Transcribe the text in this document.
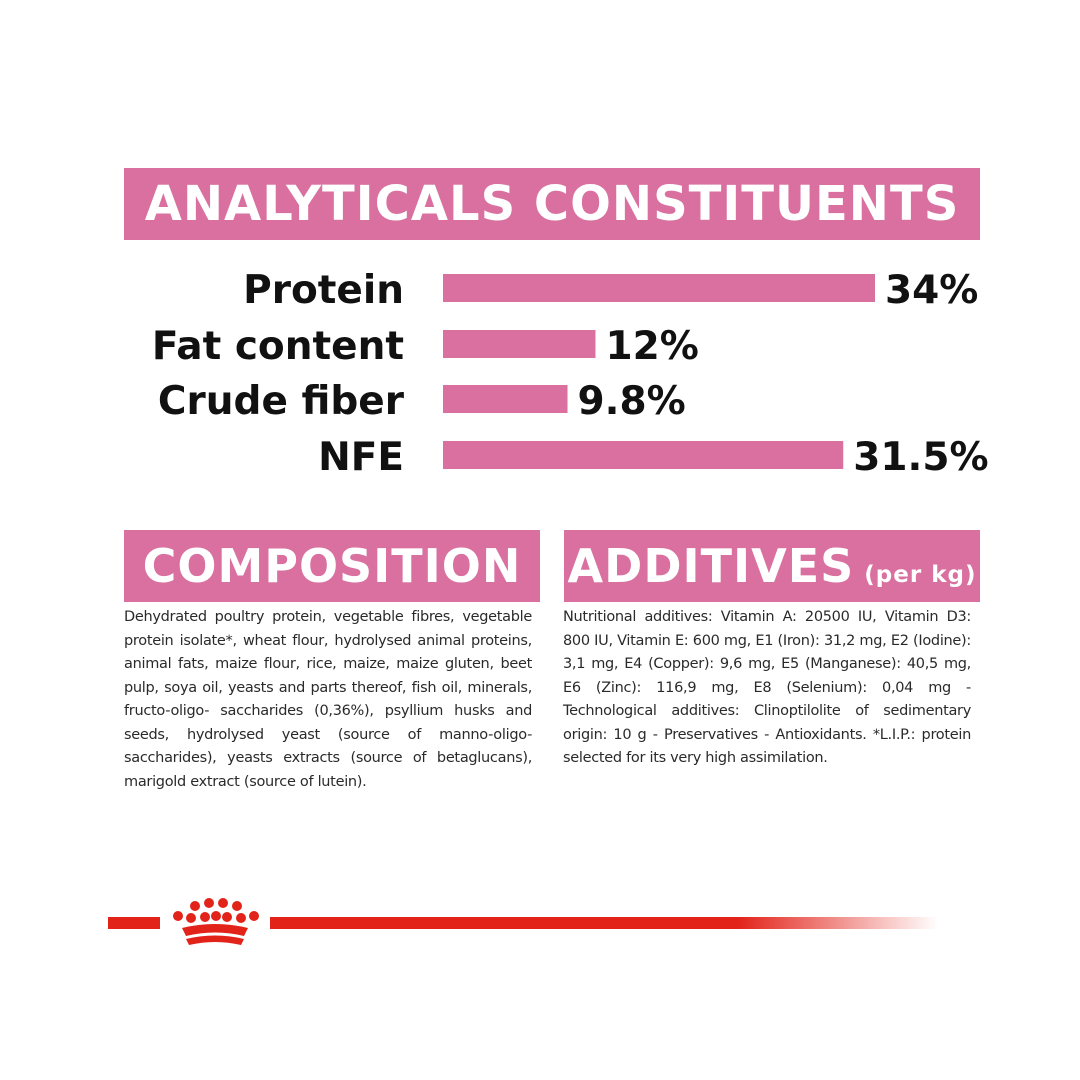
ANALYTICALS CONSTITUENTS
Protein	34%
Fat content	12%
Crude fiber	9.8%
NFE	31.5%
COMPOSITION

Dehydrated poultry protein, vegetable fibres, vegetable protein isolate*, wheat flour, hydrolysed animal proteins, animal fats, maize flour, rice, maize, maize gluten, beet pulp, soya oil, yeasts and parts thereof, fish oil, minerals, fructo-oligo- saccharides (0,36%), psyllium husks and seeds, hydrolysed yeast (source of manno-oligo-saccharides), yeasts extracts (source of betaglucans), marigold extract (source of lutein).

ADDITIVES (per kg)

Nutritional additives: Vitamin A: 20500 IU, Vitamin D3: 800 IU, Vitamin E: 600 mg, E1 (Iron): 31,2 mg, E2 (Iodine): 3,1 mg, E4 (Copper): 9,6 mg, E5 (Manganese): 40,5 mg, E6 (Zinc): 116,9 mg, E8 (Selenium): 0,04 mg - Technological additives: Clinoptilolite of sedimentary origin: 10 g - Preservatives - Antioxidants. *L.I.P.: protein selected for its very high assimilation.
